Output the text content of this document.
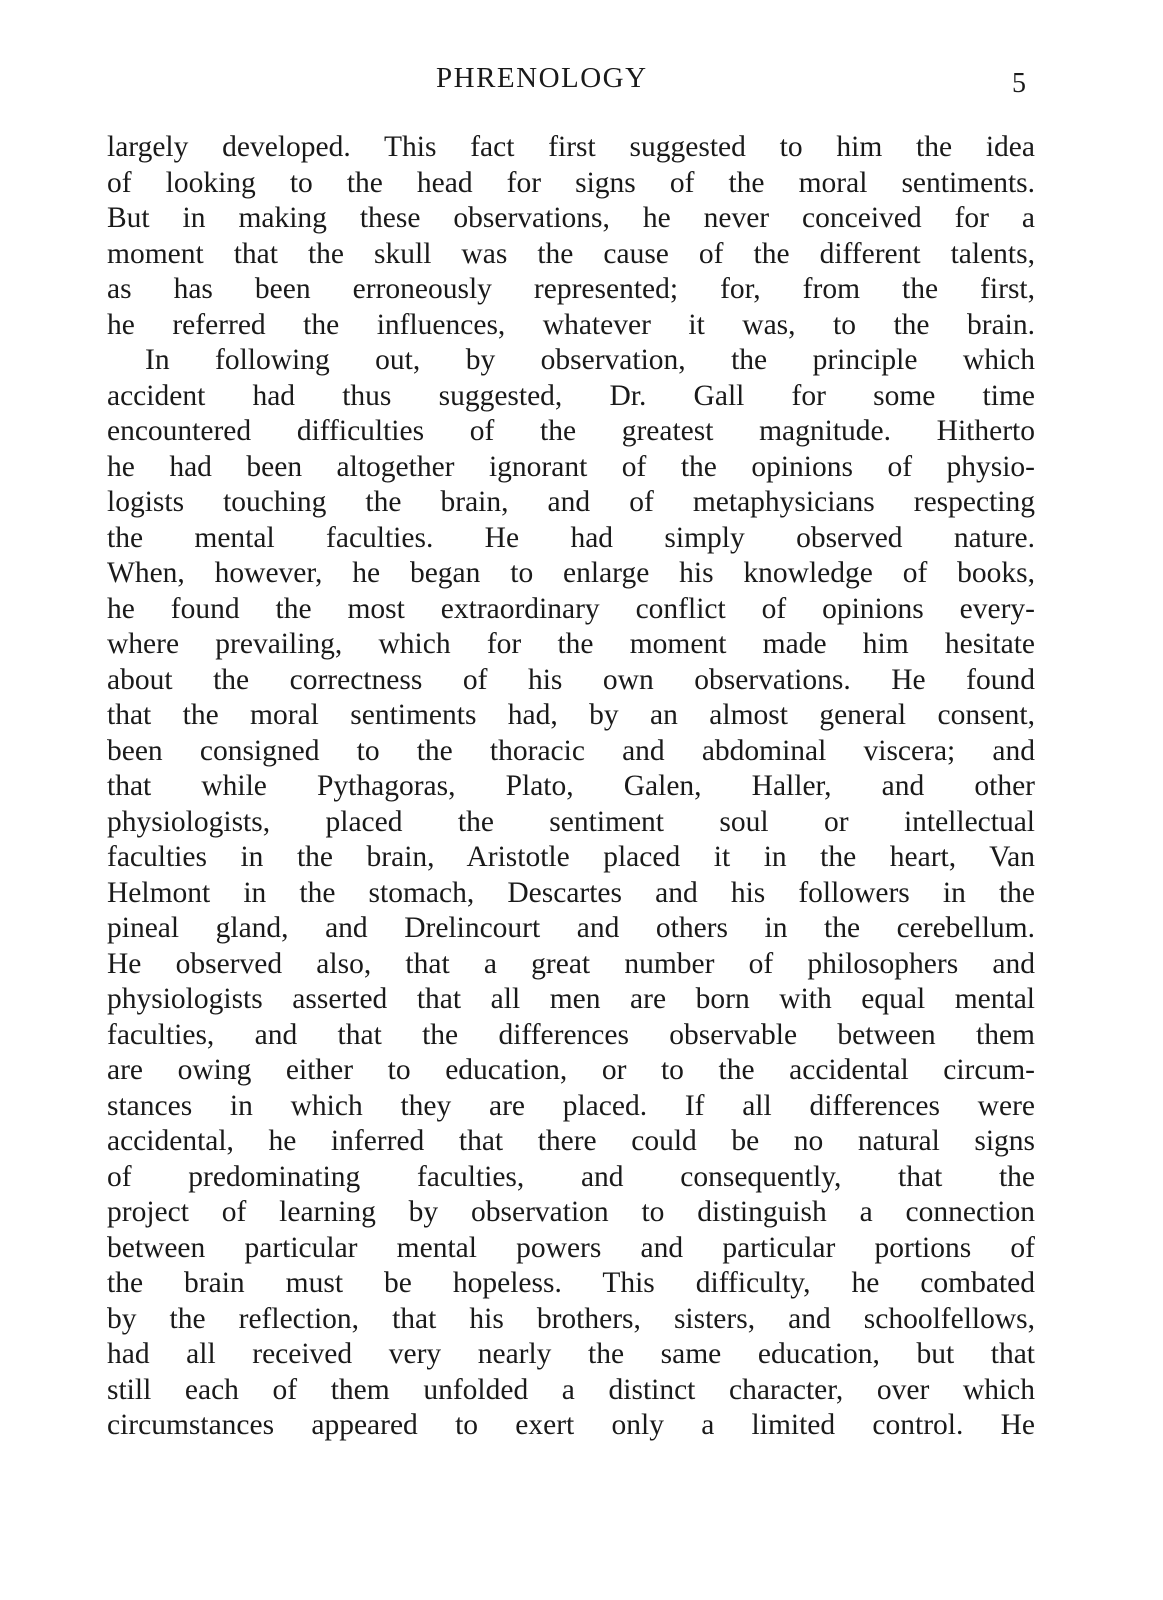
PHRENOLOGY	5
largely developed. This fact first suggested to him the idea
of looking to the head for signs of the moral sentiments.
But in making these observations, he never conceived for a
moment that the skull was the cause of the different talents,
as has been erroneously represented; for, from the first,
he referred the influences, whatever it was, to the brain.
In following out, by observation, the principle which
accident had thus suggested, Dr. Gall for some time
encountered difficulties of the greatest magnitude. Hitherto
he had been altogether ignorant of the opinions of physio-
logists touching the brain, and of metaphysicians respecting
the mental faculties. He had simply observed nature.
When, however, he began to enlarge his knowledge of books,
he found the most extraordinary conflict of opinions every-
where prevailing, which for the moment made him hesitate
about the correctness of his own observations. He found
that the moral sentiments had, by an almost general consent,
been consigned to the thoracic and abdominal viscera; and
that while Pythagoras, Plato, Galen, Haller, and other
physiologists, placed the sentiment soul or intellectual
faculties in the brain, Aristotle placed it in the heart, Van
Helmont in the stomach, Descartes and his followers in the
pineal gland, and Drelincourt and others in the cerebellum.
He observed also, that a great number of philosophers and
physiologists asserted that all men are born with equal mental
faculties, and that the differences observable between them
are owing either to education, or to the accidental circum-
stances in which they are placed. If all differences were
accidental, he inferred that there could be no natural signs
of predominating faculties, and consequently, that the
project of learning by observation to distinguish a connection
between particular mental powers and particular portions of
the brain must be hopeless. This difficulty, he combated
by the reflection, that his brothers, sisters, and schoolfellows,
had all received very nearly the same education, but that
still each of them unfolded a distinct character, over which
circumstances appeared to exert only a limited control. He
